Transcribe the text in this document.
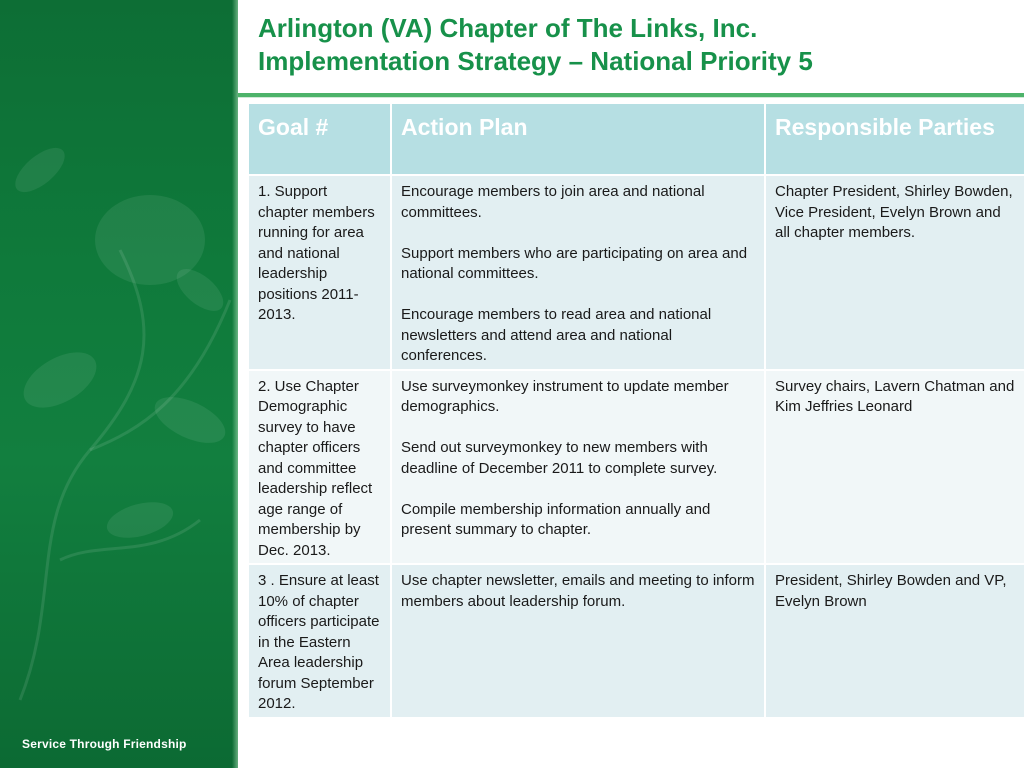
Service Through Friendship
Arlington (VA) Chapter of The Links, Inc.
Implementation Strategy – National Priority 5
Goal #	Action Plan	Responsible Parties
1. Support chapter members running for area and national leadership positions 2011-2013.	Encourage members to join area and national committees.
Support members who are participating on area and national committees.
Encourage members to read area and national newsletters and attend area and national conferences.	Chapter President, Shirley Bowden, Vice President, Evelyn Brown and all chapter members.
2. Use Chapter Demographic survey to have chapter officers and committee leadership reflect age range of membership by Dec. 2013.	Use surveymonkey instrument to update member demographics.
Send out surveymonkey to new members with deadline of December 2011 to complete survey.
Compile membership information annually and present summary to chapter.	Survey chairs, Lavern Chatman and Kim Jeffries Leonard
3 . Ensure at least 10% of chapter officers participate in the Eastern Area leadership forum September 2012.	Use chapter newsletter, emails and meeting to inform members about leadership forum.	President, Shirley Bowden and VP, Evelyn Brown
